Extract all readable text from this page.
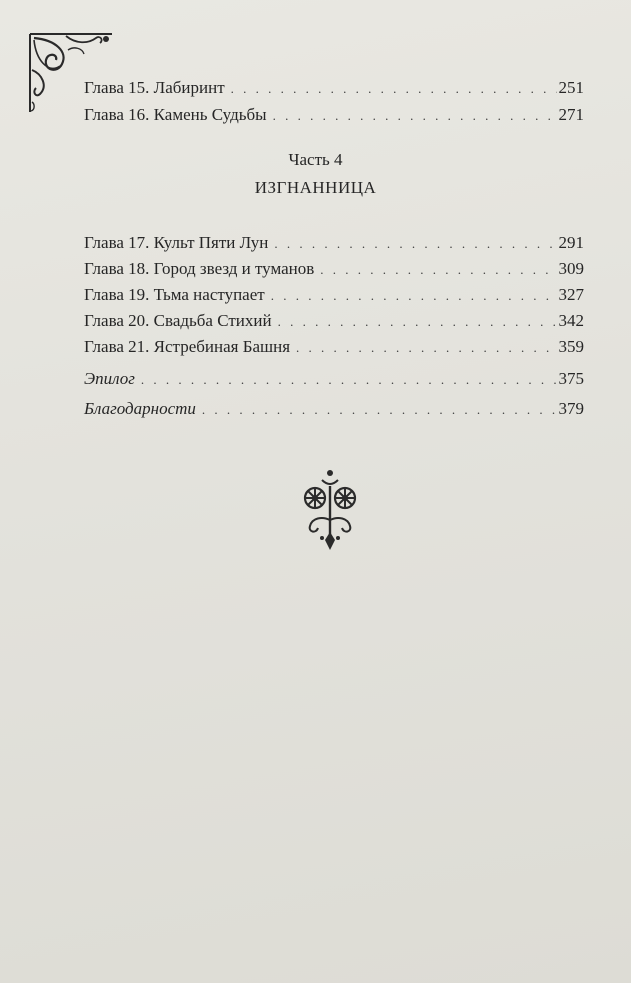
Глава 15. Лабиринт . . .	251
Глава 16. Камень Судьбы . . .	271
Часть 4
ИЗГНАННИЦА
Глава 17. Культ Пяти Лун . . .	291
Глава 18. Город звезд и туманов . . .	309
Глава 19. Тьма наступает . . .	327
Глава 20. Свадьба Стихий . . .	342
Глава 21. Ястребиная Башня . . .	359
Эпилог . . .	375
Благодарности . . .	379
